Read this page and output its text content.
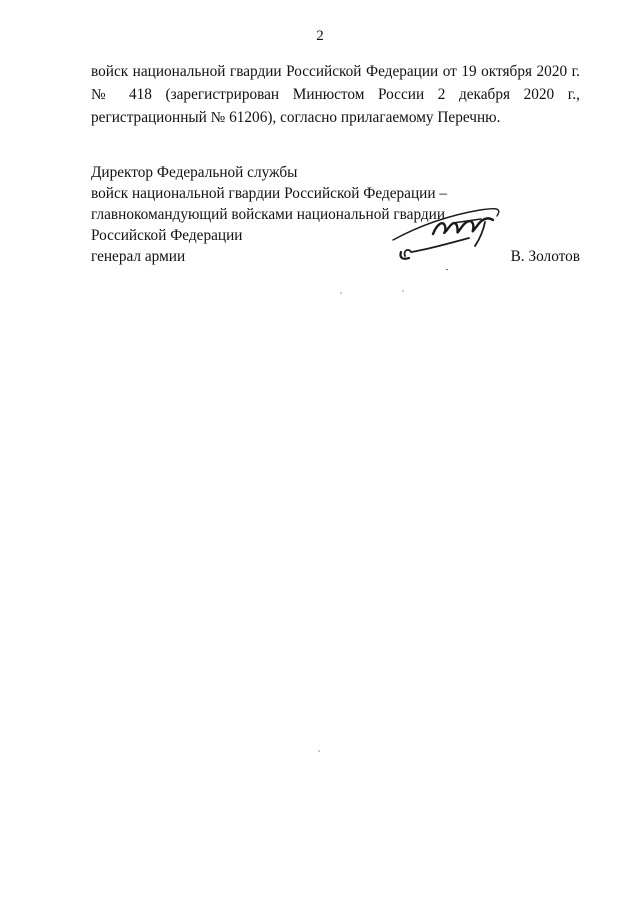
2
войск национальной гвардии Российской Федерации от 19 октября 2020 г.
№ 418 (зарегистрирован Минюстом России 2 декабря 2020 г.,
регистрационный № 61206), согласно прилагаемому Перечню.
Директор Федеральной службы
войск национальной гвардии Российской Федерации –
главнокомандующий войсками национальной гвардии
Российской Федерации
генерал армии	В. Золотов
